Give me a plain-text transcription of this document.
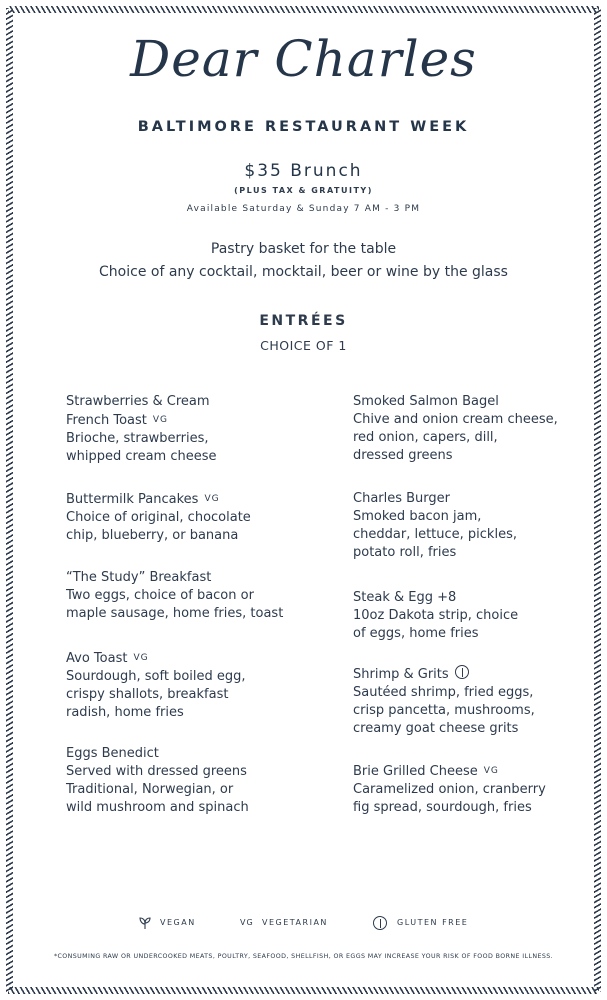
Dear Charles
BALTIMORE RESTAURANT WEEK
$35 Brunch
(PLUS TAX & GRATUITY)
Available Saturday & Sunday 7 AM - 3 PM
Pastry basket for the table
Choice of any cocktail, mocktail, beer or wine by the glass
ENTRÉES
CHOICE OF 1
Strawberries & Cream
French Toast VG
Brioche, strawberries,
whipped cream cheese
Buttermilk Pancakes VG
Choice of original, chocolate
chip, blueberry, or banana
“The Study” Breakfast
Two eggs, choice of bacon or
maple sausage, home fries, toast
Avo Toast VG
Sourdough, soft boiled egg,
crispy shallots, breakfast
radish, home fries
Eggs Benedict
Served with dressed greens
Traditional, Norwegian, or
wild mushroom and spinach
Smoked Salmon Bagel
Chive and onion cream cheese,
red onion, capers, dill,
dressed greens
Charles Burger
Smoked bacon jam,
cheddar, lettuce, pickles,
potato roll, fries
Steak & Egg +8
10oz Dakota strip, choice
of eggs, home fries
Shrimp & Grits
Sautéed shrimp, fried eggs,
crisp pancetta, mushrooms,
creamy goat cheese grits
Brie Grilled Cheese VG
Caramelized onion, cranberry
fig spread, sourdough, fries
VEGAN	VG VEGETARIAN	GLUTEN FREE
*CONSUMING RAW OR UNDERCOOKED MEATS, POULTRY, SEAFOOD, SHELLFISH, OR EGGS MAY INCREASE YOUR RISK OF FOOD BORNE ILLNESS.
